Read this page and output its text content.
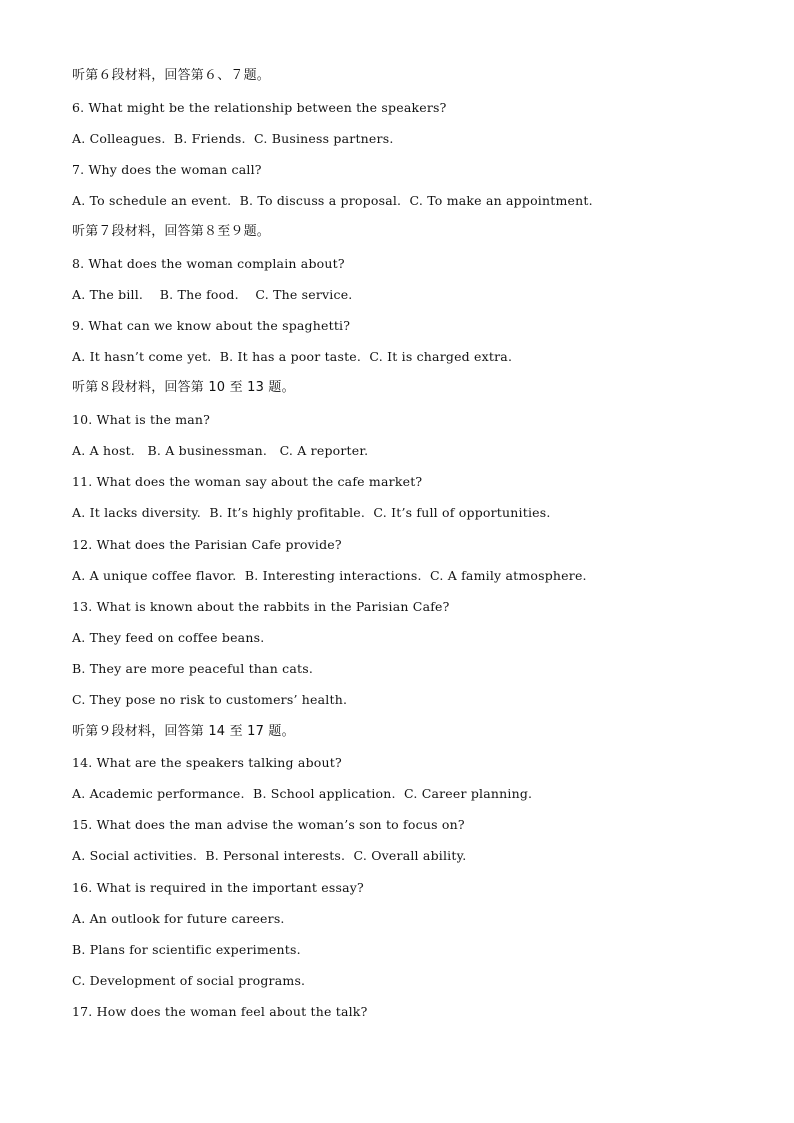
听第６段材料，回答第６、７题。
6. What might be the relationship between the speakers?
A. Colleagues.  B. Friends.  C. Business partners.
7. Why does the woman call?
A. To schedule an event.  B. To discuss a proposal.  C. To make an appointment.
听第７段材料，回答第８至９题。
8. What does the woman complain about?
A. The bill.    B. The food.    C. The service.
9. What can we know about the spaghetti?
A. It hasn’t come yet.  B. It has a poor taste.  C. It is charged extra.
听第８段材料，回答第 10 至 13 题。
10. What is the man?
A. A host.   B. A businessman.   C. A reporter.
11. What does the woman say about the cafe market?
A. It lacks diversity.  B. It’s highly profitable.  C. It’s full of opportunities.
12. What does the Parisian Cafe provide?
A. A unique coffee flavor.  B. Interesting interactions.  C. A family atmosphere.
13. What is known about the rabbits in the Parisian Cafe?
A. They feed on coffee beans.
B. They are more peaceful than cats.
C. They pose no risk to customers’ health.
听第９段材料，回答第 14 至 17 题。
14. What are the speakers talking about?
A. Academic performance.  B. School application.  C. Career planning.
15. What does the man advise the woman’s son to focus on?
A. Social activities.  B. Personal interests.  C. Overall ability.
16. What is required in the important essay?
A. An outlook for future careers.
B. Plans for scientific experiments.
C. Development of social programs.
17. How does the woman feel about the talk?
